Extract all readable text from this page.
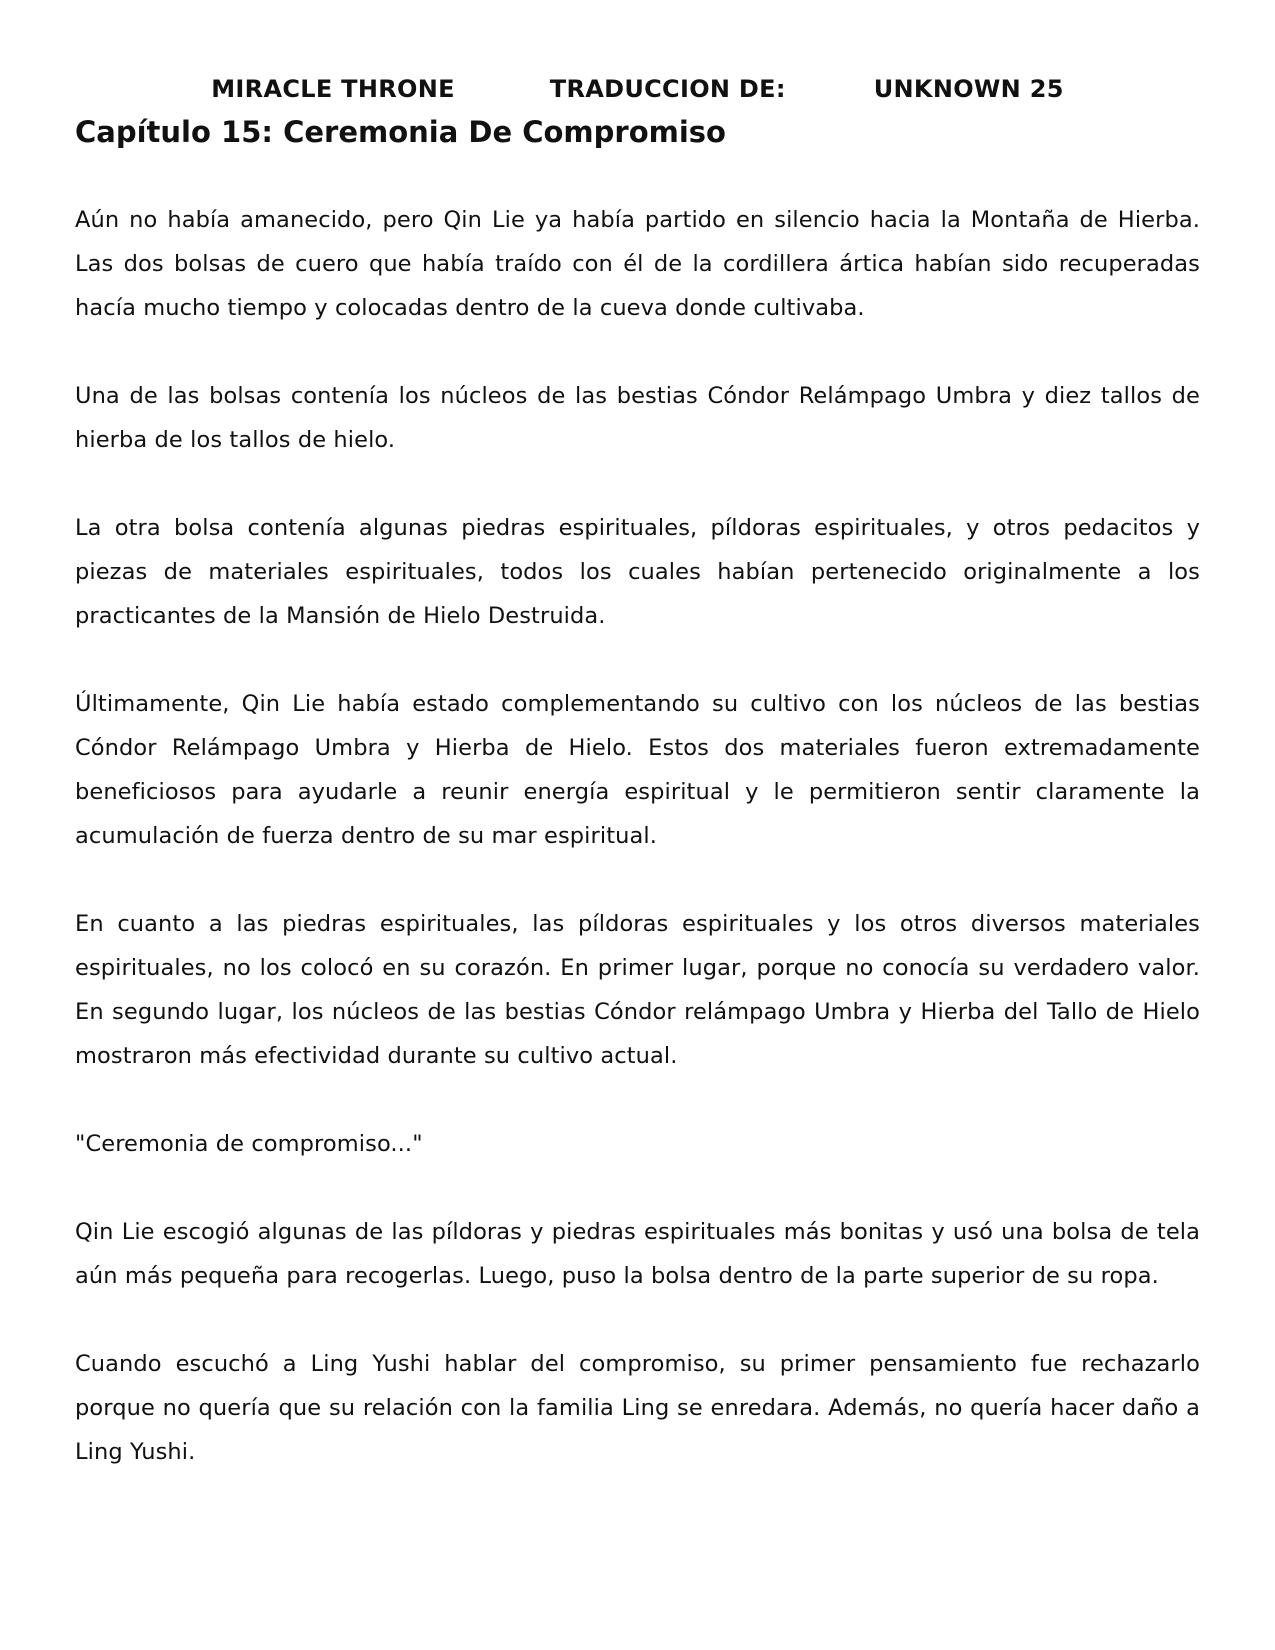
MIRACLE THRONE	TRADUCCION DE:	UNKNOWN 25
Capítulo 15: Ceremonia De Compromiso

Aún no había amanecido, pero Qin Lie ya había partido en silencio hacia la Montaña de Hierba. Las dos bolsas de cuero que había traído con él de la cordillera ártica habían sido recuperadas hacía mucho tiempo y colocadas dentro de la cueva donde cultivaba.

Una de las bolsas contenía los núcleos de las bestias Cóndor Relámpago Umbra y diez tallos de hierba de los tallos de hielo.

La otra bolsa contenía algunas piedras espirituales, píldoras espirituales, y otros pedacitos y piezas de materiales espirituales, todos los cuales habían pertenecido originalmente a los practicantes de la Mansión de Hielo Destruida.

Últimamente, Qin Lie había estado complementando su cultivo con los núcleos de las bestias Cóndor Relámpago Umbra y Hierba de Hielo. Estos dos materiales fueron extremadamente beneficiosos para ayudarle a reunir energía espiritual y le permitieron sentir claramente la acumulación de fuerza dentro de su mar espiritual.

En cuanto a las piedras espirituales, las píldoras espirituales y los otros diversos materiales espirituales, no los colocó en su corazón. En primer lugar, porque no conocía su verdadero valor. En segundo lugar, los núcleos de las bestias Cóndor relámpago Umbra y Hierba del Tallo de Hielo mostraron más efectividad durante su cultivo actual.

"Ceremonia de compromiso..."

Qin Lie escogió algunas de las píldoras y piedras espirituales más bonitas y usó una bolsa de tela aún más pequeña para recogerlas. Luego, puso la bolsa dentro de la parte superior de su ropa.

Cuando escuchó a Ling Yushi hablar del compromiso, su primer pensamiento fue rechazarlo porque no quería que su relación con la familia Ling se enredara. Además, no quería hacer daño a Ling Yushi.
